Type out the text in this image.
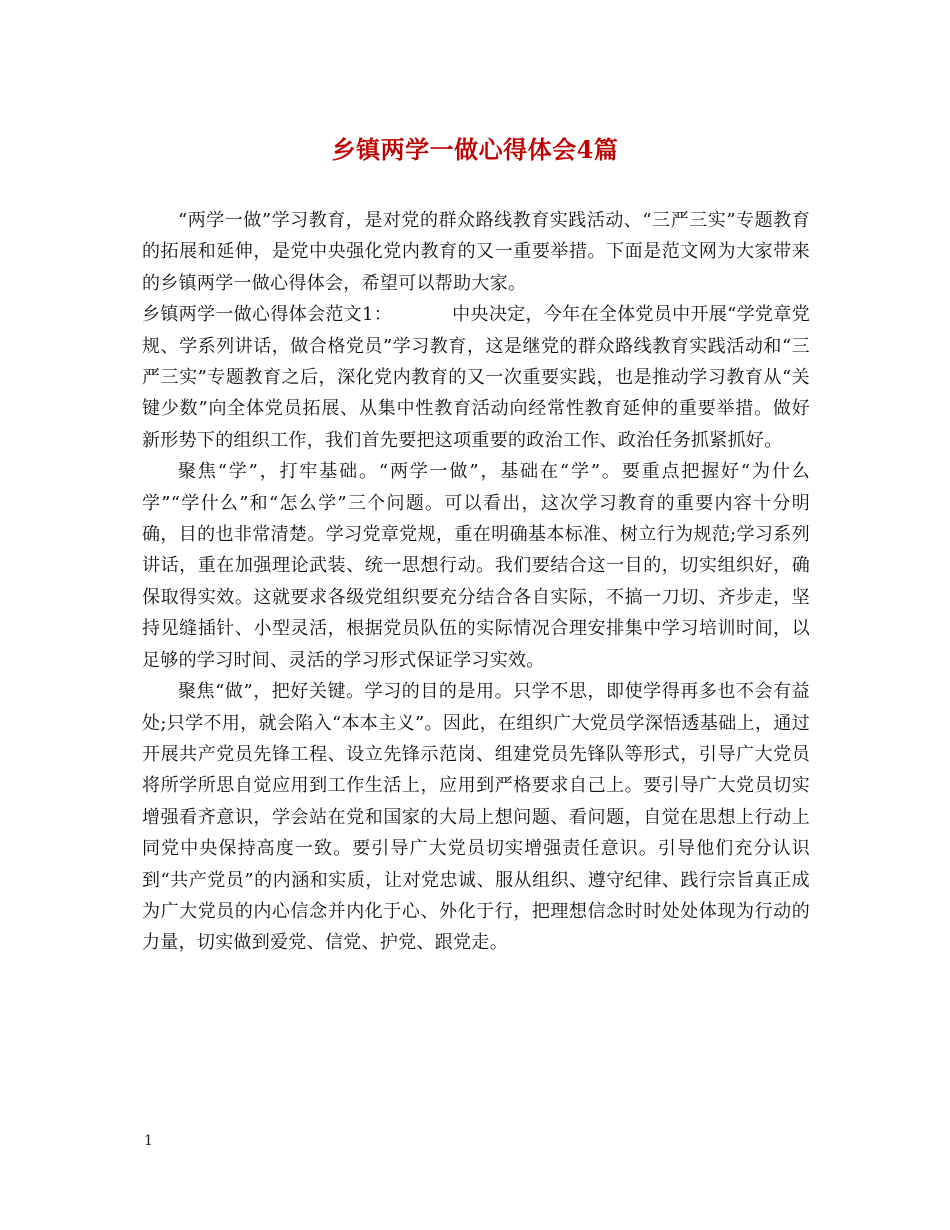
乡镇两学一做心得体会4篇

“两学一做”学习教育，是对党的群众路线教育实践活动、“三严三实”专题教育的拓展和延伸，是党中央强化党内教育的又一重要举措。下面是范文网为大家带来的乡镇两学一做心得体会，希望可以帮助大家。

乡镇两学一做心得体会范文1：	中央决定，今年在全体党员中开展“学党章党规、学系列讲话，做合格党员”学习教育，这是继党的群众路线教育实践活动和“三严三实”专题教育之后，深化党内教育的又一次重要实践，也是推动学习教育从“关键少数”向全体党员拓展、从集中性教育活动向经常性教育延伸的重要举措。做好新形势下的组织工作，我们首先要把这项重要的政治工作、政治任务抓紧抓好。

聚焦“学”，打牢基础。“两学一做”，基础在“学”。要重点把握好“为什么学”“学什么”和“怎么学”三个问题。可以看出，这次学习教育的重要内容十分明确，目的也非常清楚。学习党章党规，重在明确基本标准、树立行为规范;学习系列讲话，重在加强理论武装、统一思想行动。我们要结合这一目的，切实组织好，确保取得实效。这就要求各级党组织要充分结合各自实际，不搞一刀切、齐步走，坚持见缝插针、小型灵活，根据党员队伍的实际情况合理安排集中学习培训时间，以足够的学习时间、灵活的学习形式保证学习实效。

聚焦“做”，把好关键。学习的目的是用。只学不思，即使学得再多也不会有益处;只学不用，就会陷入“本本主义”。因此，在组织广大党员学深悟透基础上，通过开展共产党员先锋工程、设立先锋示范岗、组建党员先锋队等形式，引导广大党员将所学所思自觉应用到工作生活上，应用到严格要求自己上。要引导广大党员切实增强看齐意识，学会站在党和国家的大局上想问题、看问题，自觉在思想上行动上同党中央保持高度一致。要引导广大党员切实增强责任意识。引导他们充分认识到“共产党员”的内涵和实质，让对党忠诚、服从组织、遵守纪律、践行宗旨真正成为广大党员的内心信念并内化于心、外化于行，把理想信念时时处处体现为行动的力量，切实做到爱党、信党、护党、跟党走。

1
